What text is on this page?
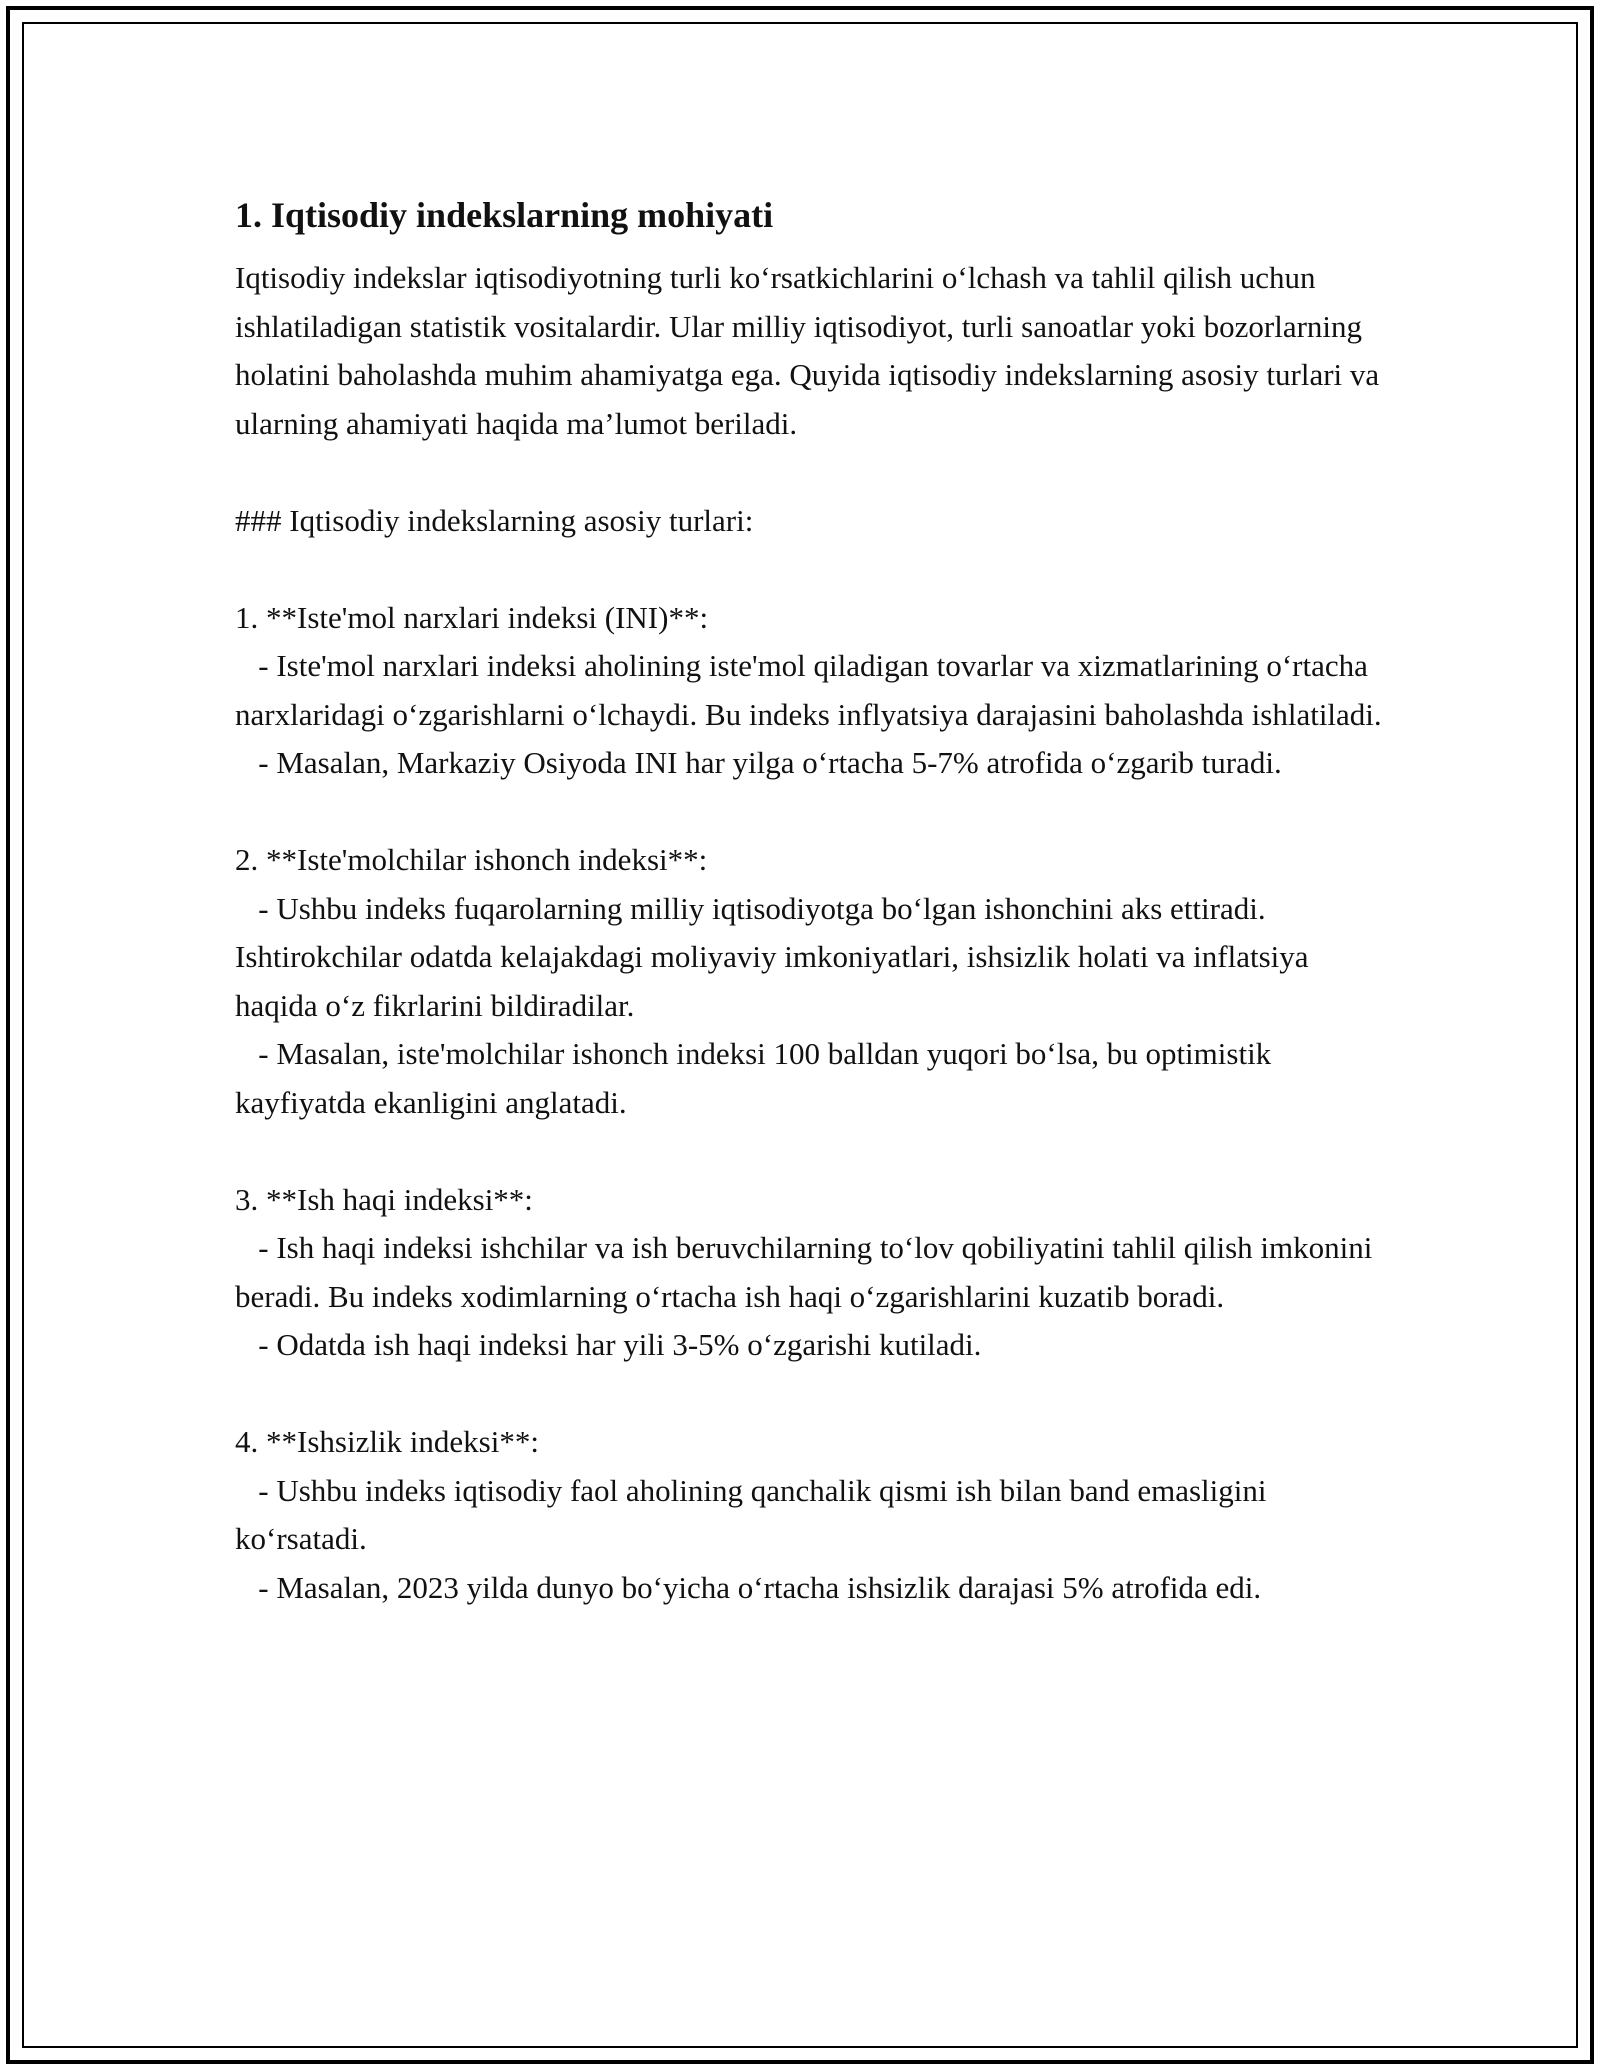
1. Iqtisodiy indekslarning mohiyati

Iqtisodiy indekslar iqtisodiyotning turli ko‘rsatkichlarini o‘lchash va tahlil qilish uchun ishlatiladigan statistik vositalardir. Ular milliy iqtisodiyot, turli sanoatlar yoki bozorlarning holatini baholashda muhim ahamiyatga ega. Quyida iqtisodiy indekslarning asosiy turlari va ularning ahamiyati haqida ma’lumot beriladi.

### Iqtisodiy indekslarning asosiy turlari:

1. **Iste'mol narxlari indeksi (INI)**:

- Iste'mol narxlari indeksi aholining iste'mol qiladigan tovarlar va xizmatlarining o‘rtacha narxlaridagi o‘zgarishlarni o‘lchaydi. Bu indeks inflyatsiya darajasini baholashda ishlatiladi.

- Masalan, Markaziy Osiyoda INI har yilga o‘rtacha 5-7% atrofida o‘zgarib turadi.

2. **Iste'molchilar ishonch indeksi**:

- Ushbu indeks fuqarolarning milliy iqtisodiyotga bo‘lgan ishonchini aks ettiradi. Ishtirokchilar odatda kelajakdagi moliyaviy imkoniyatlari, ishsizlik holati va inflatsiya haqida o‘z fikrlarini bildiradilar.

- Masalan, iste'molchilar ishonch indeksi 100 balldan yuqori bo‘lsa, bu optimistik kayfiyatda ekanligini anglatadi.

3. **Ish haqi indeksi**:

- Ish haqi indeksi ishchilar va ish beruvchilarning to‘lov qobiliyatini tahlil qilish imkonini beradi. Bu indeks xodimlarning o‘rtacha ish haqi o‘zgarishlarini kuzatib boradi.

- Odatda ish haqi indeksi har yili 3-5% o‘zgarishi kutiladi.

4. **Ishsizlik indeksi**:

- Ushbu indeks iqtisodiy faol aholining qanchalik qismi ish bilan band emasligini ko‘rsatadi.

- Masalan, 2023 yilda dunyo bo‘yicha o‘rtacha ishsizlik darajasi 5% atrofida edi.
